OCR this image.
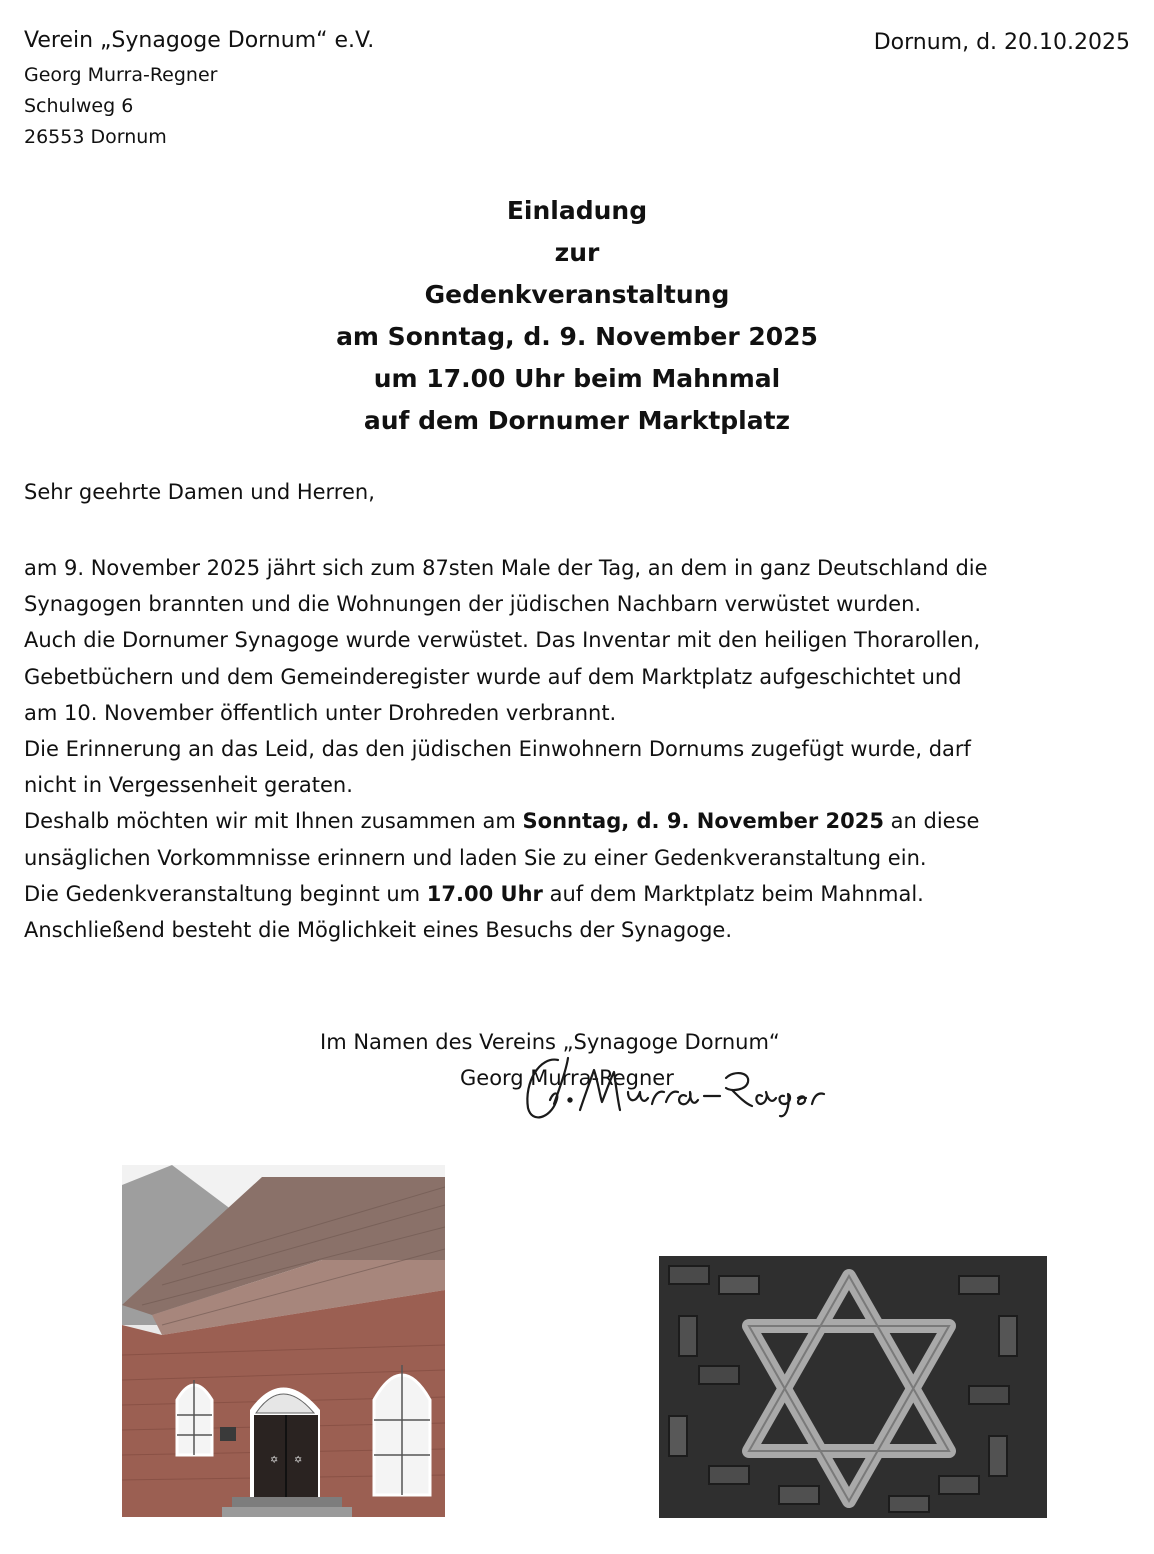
Verein „Synagoge Dornum“ e.V.
Georg Murra-Regner
Schulweg 6
26553 Dornum
Dornum, d. 20.10.2025
Einladung
zur
Gedenkveranstaltung
am Sonntag, d. 9. November 2025
um 17.00 Uhr beim Mahnmal
auf dem Dornumer Marktplatz
Sehr geehrte Damen und Herren,
am 9. November 2025 jährt sich zum 87sten Male der Tag, an dem in ganz Deutschland die
Synagogen brannten und die Wohnungen der jüdischen Nachbarn verwüstet wurden.
Auch die Dornumer Synagoge wurde verwüstet. Das Inventar mit den heiligen Thorarollen,
Gebetbüchern und dem Gemeinderegister wurde auf dem Marktplatz aufgeschichtet und
am 10. November öffentlich unter Drohreden verbrannt.
Die Erinnerung an das Leid, das den jüdischen Einwohnern Dornums zugefügt wurde, darf
nicht in Vergessenheit geraten.
Deshalb möchten wir mit Ihnen zusammen am Sonntag, d. 9. November 2025 an diese
unsäglichen Vorkommnisse erinnern und laden Sie zu einer Gedenkveranstaltung ein.
Die Gedenkveranstaltung beginnt um 17.00 Uhr auf dem Marktplatz beim Mahnmal.
Anschließend besteht die Möglichkeit eines Besuchs der Synagoge.
Im Namen des Vereins „Synagoge Dornum“
Georg Murra-Regner
✡ ✡
